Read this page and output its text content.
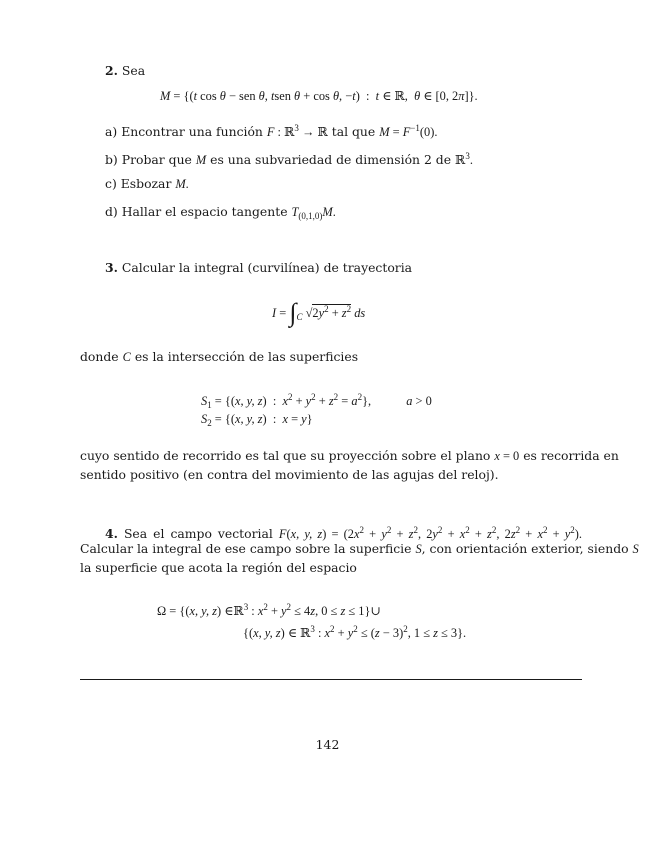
2. Sea
M = {(t cos θ − sen θ, tsen θ + cos θ, −t)  :  t ∈ ℝ,  θ ∈ [0, 2π]}.
a) Encontrar una función F : ℝ$^3$ → ℝ tal que $M = F^{-1}(0)$.
b) Probar que M es una subvariedad de dimensión 2 de ℝ$^3$.
c) Esbozar M.
d) Hallar el espacio tangente $T_{(0,1,0)}M$.
3. Calcular la integral (curvilínea) de trayectoria
$I = \int_C$ $√2y^2 + z^2$ ds
donde C es la intersección de las superficies
$S_1 = \{(x$, y, z)  :  $x^2 + y^2 + z^2 = a^2$},	a > 0
$S_2 = \{(x$, y, z)  :  x = y}
cuyo sentido de recorrido es tal que su proyección sobre el plano x = 0 es recorrida en
sentido positivo (en contra del movimiento de las agujas del reloj).
4. Sea el campo vectorial F(x, y, $z) = (2x^2 + y^2 + z^2$, $2y^2 + x^2 + z^2$, $2z^2 + x^2 + y^2$).
Calcular la integral de ese campo sobre la superficie S, con orientación exterior, siendo S
la superficie que acota la región del espacio
Ω = {(x, y, z) ∈ℝ$^3$ : $x^2 + y^2 \le 4z$, 0 ≤ z ≤ 1}∪
{(x, y, z) ∈ ℝ$^3$ : $x^2 + y^2 \le (z - 3)^2$, 1 ≤ z ≤ 3}.
142
